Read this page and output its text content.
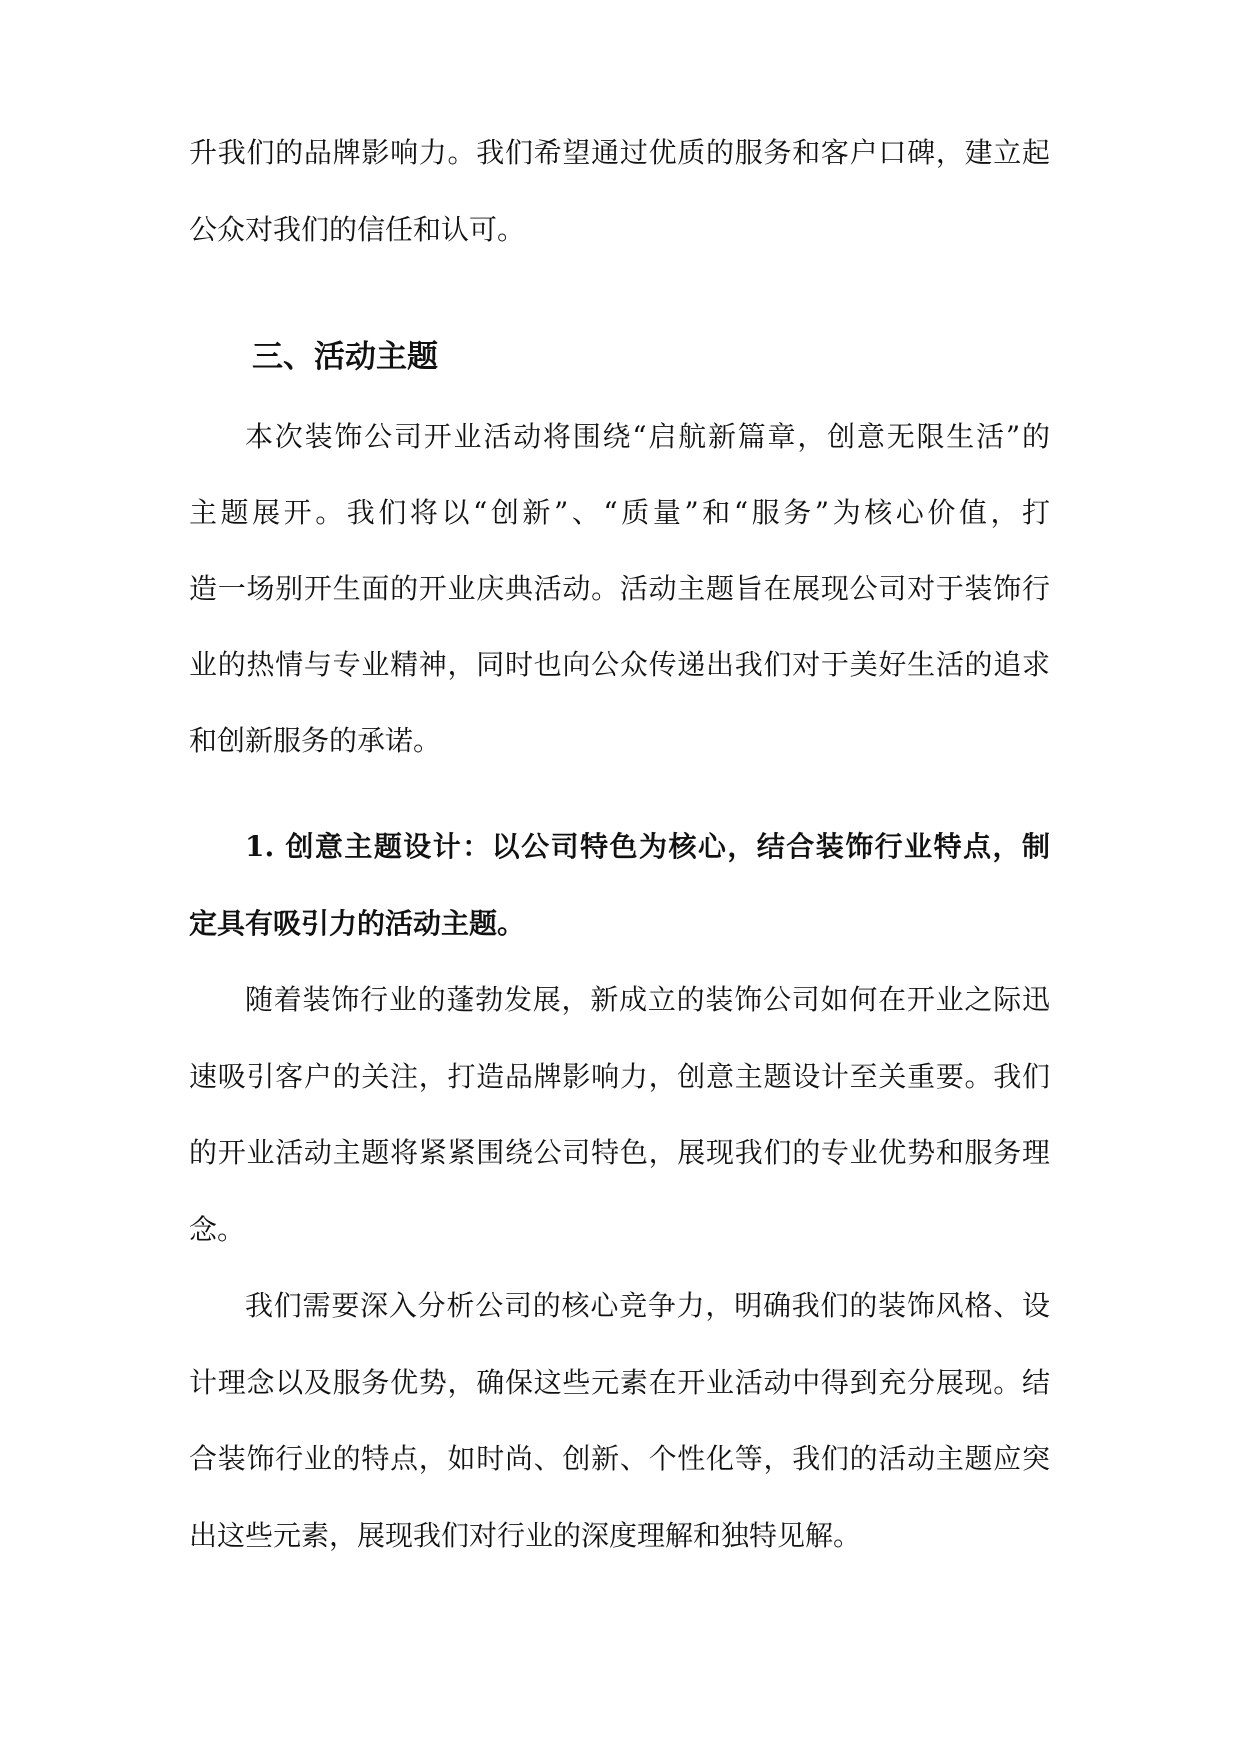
升我们的品牌影响力。我们希望通过优质的服务和客户口碑，建立起
公众对我们的信任和认可。
三、活动主题
本次装饰公司开业活动将围绕“启航新篇章，创意无限生活”的
主题展开。我们将以“创新”、“质量”和“服务”为核心价值，打
造一场别开生面的开业庆典活动。活动主题旨在展现公司对于装饰行
业的热情与专业精神，同时也向公众传递出我们对于美好生活的追求
和创新服务的承诺。
1. 创意主题设计：以公司特色为核心，结合装饰行业特点，制
定具有吸引力的活动主题。
随着装饰行业的蓬勃发展，新成立的装饰公司如何在开业之际迅
速吸引客户的关注，打造品牌影响力，创意主题设计至关重要。我们
的开业活动主题将紧紧围绕公司特色，展现我们的专业优势和服务理
念。
我们需要深入分析公司的核心竞争力，明确我们的装饰风格、设
计理念以及服务优势，确保这些元素在开业活动中得到充分展现。结
合装饰行业的特点，如时尚、创新、个性化等，我们的活动主题应突
出这些元素，展现我们对行业的深度理解和独特见解。
